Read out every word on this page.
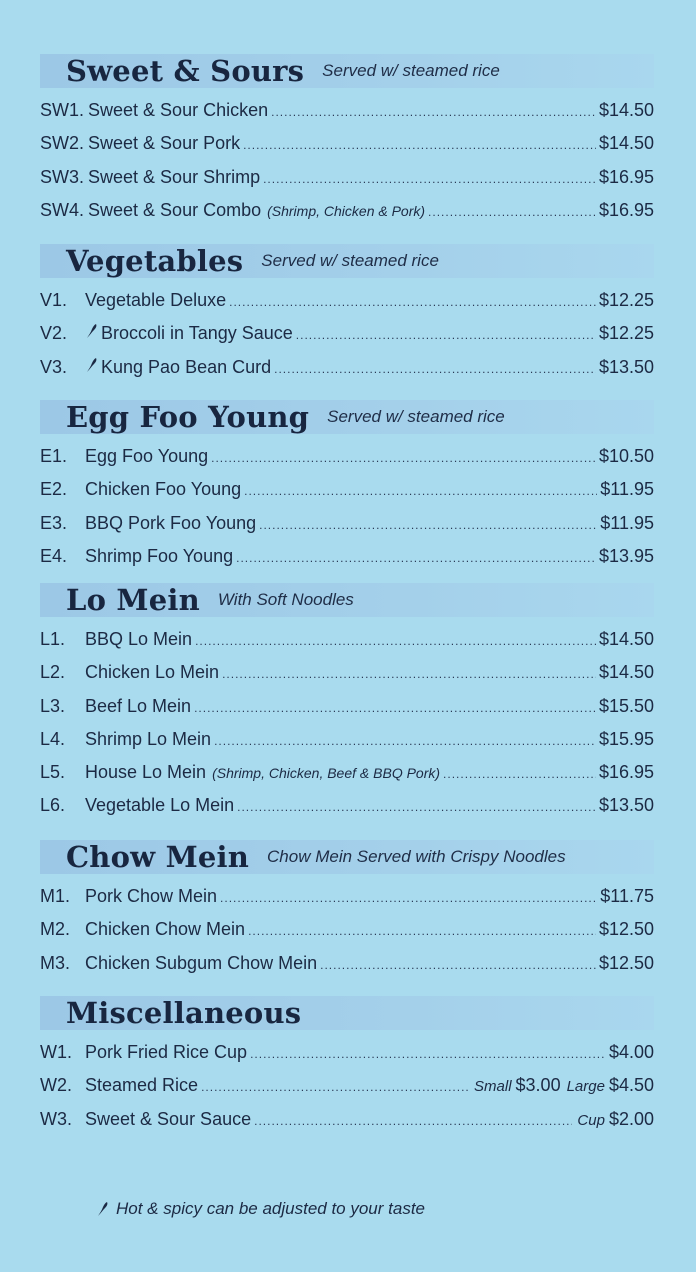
Sweet & Sours Served w/ steamed rice
SW1. Sweet & Sour Chicken .....	$14.50
SW2. Sweet & Sour Pork .....	$14.50
SW3. Sweet & Sour Shrimp .....	$16.95
SW4. Sweet & Sour Combo (Shrimp, Chicken & Pork) .....	$16.95
Vegetables Served w/ steamed rice
V1. Vegetable Deluxe .....	$12.25
V2.	Broccoli in Tangy Sauce .....	$12.25
V3.	Kung Pao Bean Curd .....	$13.50
Egg Foo Young Served w/ steamed rice
E1. Egg Foo Young .....	$10.50
E2. Chicken Foo Young .....	$11.95
E3. BBQ Pork Foo Young .....	$11.95
E4. Shrimp Foo Young .....	$13.95
Lo Mein With Soft Noodles
L1.	BBQ Lo Mein .....	$14.50
L2.	Chicken Lo Mein .....	$14.50
L3.	Beef Lo Mein .....	$15.50
L4.	Shrimp Lo Mein .....	$15.95
L5.	House Lo Mein (Shrimp, Chicken, Beef & BBQ Pork) .....	$16.95
L6.	Vegetable Lo Mein .....	$13.50
Chow Mein Chow Mein Served with Crispy Noodles
M1. Pork Chow Mein .....	$11.75
M2. Chicken Chow Mein .....	$12.50
M3. Chicken Subgum Chow Mein .....	$12.50
Miscellaneous
W1. Pork Fried Rice Cup .....	$4.00
W2. Steamed Rice .....	Small $3.00 Large $4.50
W3. Sweet & Sour Sauce .....	Cup $2.00
Hot & spicy can be adjusted to your taste
